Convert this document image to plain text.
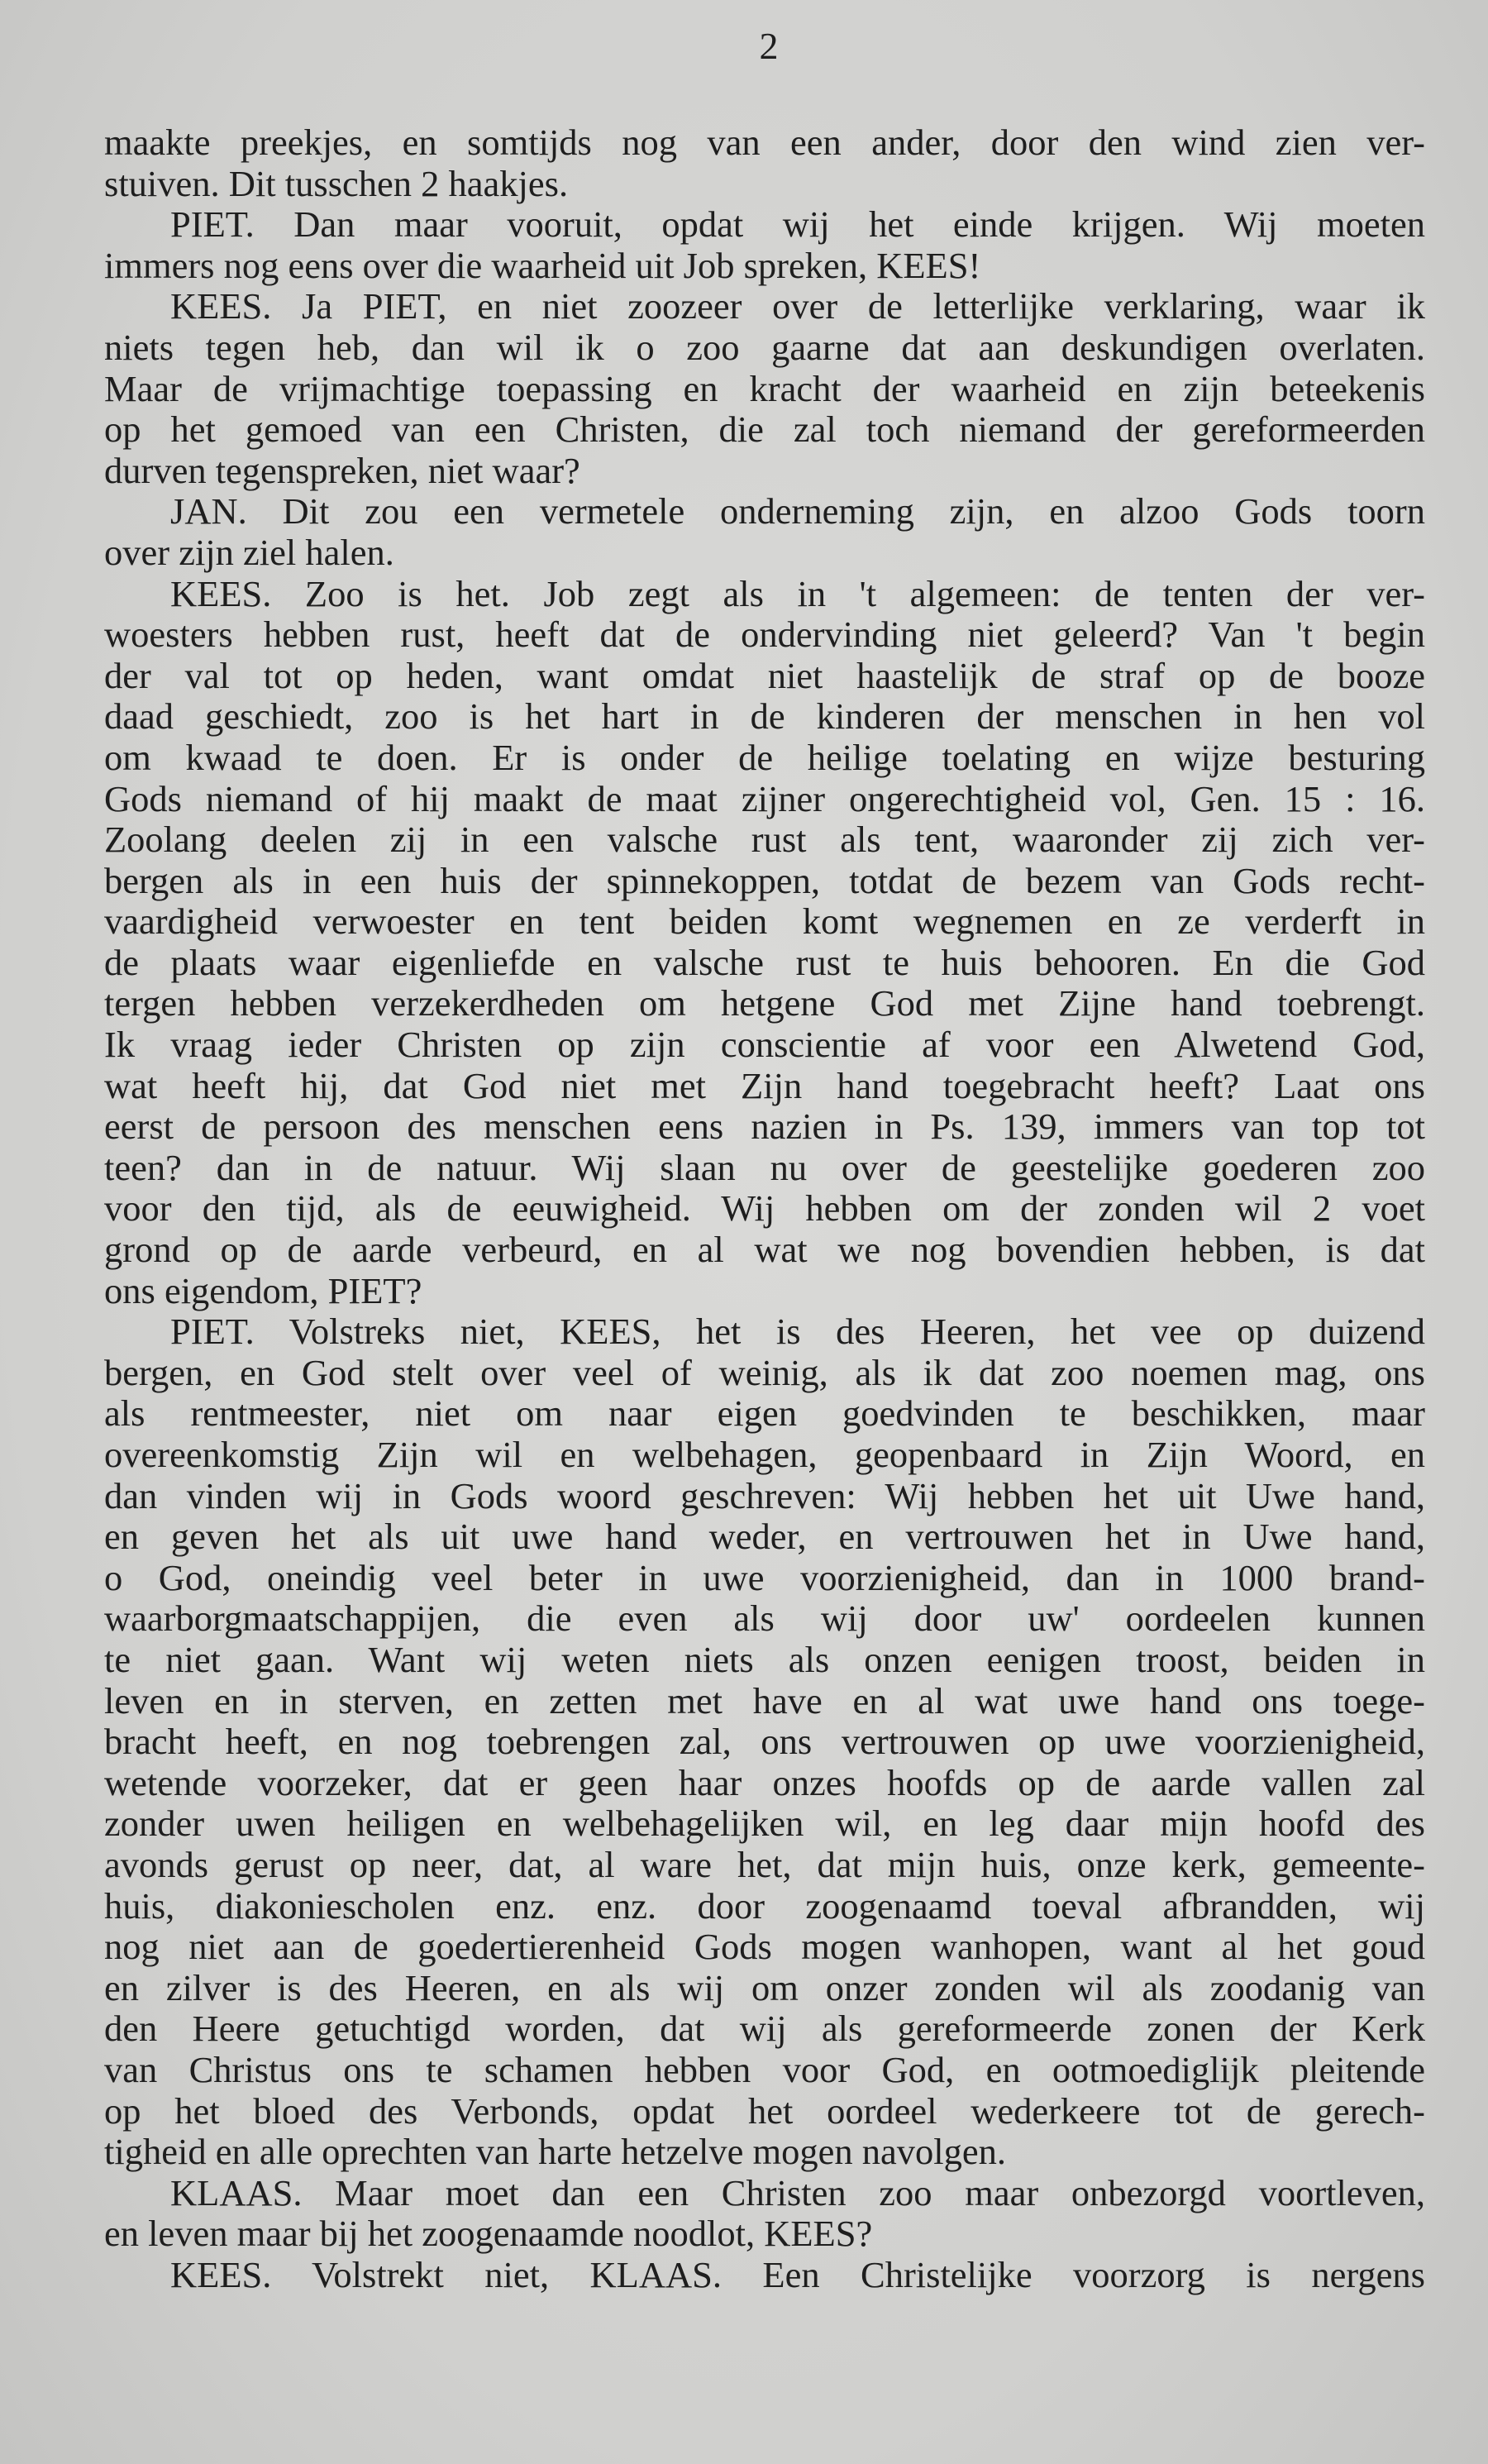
2
maakte preekjes, en somtijds nog van een ander, door den wind zien ver-
stuiven. Dit tusschen 2 haakjes.
PIET. Dan maar vooruit, opdat wij het einde krijgen. Wij moeten
immers nog eens over die waarheid uit Job spreken, KEES!
KEES. Ja PIET, en niet zoozeer over de letterlijke verklaring, waar ik
niets tegen heb, dan wil ik o zoo gaarne dat aan deskundigen overlaten.
Maar de vrijmachtige toepassing en kracht der waarheid en zijn beteekenis
op het gemoed van een Christen, die zal toch niemand der gereformeerden
durven tegenspreken, niet waar?
JAN. Dit zou een vermetele onderneming zijn, en alzoo Gods toorn
over zijn ziel halen.
KEES. Zoo is het. Job zegt als in 't algemeen: de tenten der ver-
woesters hebben rust, heeft dat de ondervinding niet geleerd? Van 't begin
der val tot op heden, want omdat niet haastelijk de straf op de booze
daad geschiedt, zoo is het hart in de kinderen der menschen in hen vol
om kwaad te doen. Er is onder de heilige toelating en wijze besturing
Gods niemand of hij maakt de maat zijner ongerechtigheid vol, Gen. 15 : 16.
Zoolang deelen zij in een valsche rust als tent, waaronder zij zich ver-
bergen als in een huis der spinnekoppen, totdat de bezem van Gods recht-
vaardigheid verwoester en tent beiden komt wegnemen en ze verderft in
de plaats waar eigenliefde en valsche rust te huis behooren. En die God
tergen hebben verzekerdheden om hetgene God met Zijne hand toebrengt.
Ik vraag ieder Christen op zijn conscientie af voor een Alwetend God,
wat heeft hij, dat God niet met Zijn hand toegebracht heeft? Laat ons
eerst de persoon des menschen eens nazien in Ps. 139, immers van top tot
teen? dan in de natuur. Wij slaan nu over de geestelijke goederen zoo
voor den tijd, als de eeuwigheid. Wij hebben om der zonden wil 2 voet
grond op de aarde verbeurd, en al wat we nog bovendien hebben, is dat
ons eigendom, PIET?
PIET. Volstreks niet, KEES, het is des Heeren, het vee op duizend
bergen, en God stelt over veel of weinig, als ik dat zoo noemen mag, ons
als rentmeester, niet om naar eigen goedvinden te beschikken, maar
overeenkomstig Zijn wil en welbehagen, geopenbaard in Zijn Woord, en
dan vinden wij in Gods woord geschreven: Wij hebben het uit Uwe hand,
en geven het als uit uwe hand weder, en vertrouwen het in Uwe hand,
o God, oneindig veel beter in uwe voorzienigheid, dan in 1000 brand-
waarborgmaatschappijen, die even als wij door uw' oordeelen kunnen
te niet gaan. Want wij weten niets als onzen eenigen troost, beiden in
leven en in sterven, en zetten met have en al wat uwe hand ons toege-
bracht heeft, en nog toebrengen zal, ons vertrouwen op uwe voorzienigheid,
wetende voorzeker, dat er geen haar onzes hoofds op de aarde vallen zal
zonder uwen heiligen en welbehagelijken wil, en leg daar mijn hoofd des
avonds gerust op neer, dat, al ware het, dat mijn huis, onze kerk, gemeente-
huis, diakoniescholen enz. enz. door zoogenaamd toeval afbrandden, wij
nog niet aan de goedertierenheid Gods mogen wanhopen, want al het goud
en zilver is des Heeren, en als wij om onzer zonden wil als zoodanig van
den Heere getuchtigd worden, dat wij als gereformeerde zonen der Kerk
van Christus ons te schamen hebben voor God, en ootmoediglijk pleitende
op het bloed des Verbonds, opdat het oordeel wederkeere tot de gerech-
tigheid en alle oprechten van harte hetzelve mogen navolgen.
KLAAS. Maar moet dan een Christen zoo maar onbezorgd voortleven,
en leven maar bij het zoogenaamde noodlot, KEES?
KEES. Volstrekt niet, KLAAS. Een Christelijke voorzorg is nergens
